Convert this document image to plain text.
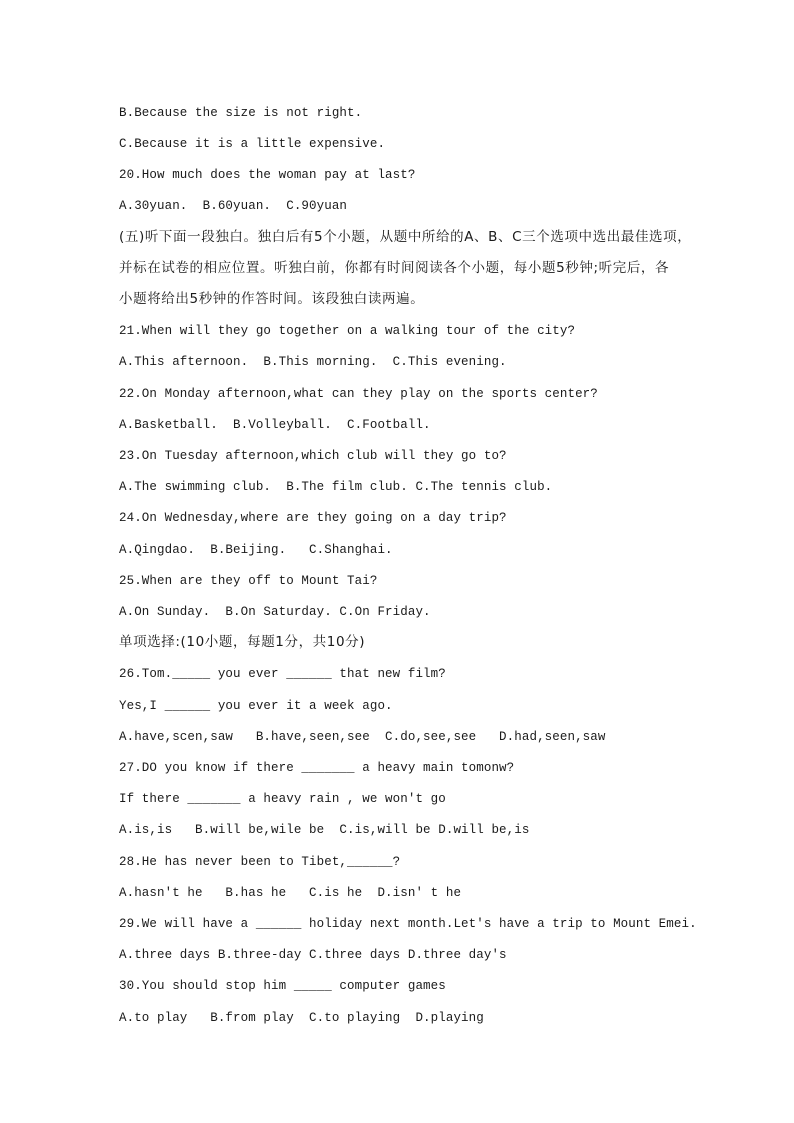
B.Because the size is not right.
C.Because it is a little expensive.
20.How much does the woman pay at last?
A.30yuan.  B.60yuan.  C.90yuan
(五)听下面一段独白。独白后有5个小题，从题中所给的A、B、C三个选项中选出最佳选项，
并标在试卷的相应位置。听独白前，你都有时间阅读各个小题，每小题5秒钟;听完后，各
小题将给出5秒钟的作答时间。该段独白读两遍。
21.When will they go together on a walking tour of the city?
A.This afternoon.  B.This morning.  C.This evening.
22.On Monday afternoon,what can they play on the sports center?
A.Basketball.  B.Volleyball.  C.Football.
23.On Tuesday afternoon,which club will they go to?
A.The swimming club.  B.The film club. C.The tennis club.
24.On Wednesday,where are they going on a day trip?
A.Qingdao.  B.Beijing.   C.Shanghai.
25.When are they off to Mount Tai?
A.On Sunday.  B.On Saturday. C.On Friday.
单项选择:(10小题，每题1分，共10分)
26.Tom._____ you ever ______ that new film?
Yes,I ______ you ever it a week ago.
A.have,scen,saw   B.have,seen,see  C.do,see,see   D.had,seen,saw
27.DO you know if there _______ a heavy main tomonw?
If there _______ a heavy rain , we won't go
A.is,is   B.will be,wile be  C.is,will be D.will be,is
28.He has never been to Tibet,______?
A.hasn't he   B.has he   C.is he  D.isn' t he
29.We will have a ______ holiday next month.Let's have a trip to Mount Emei.
A.three days B.three-day C.three days D.three day's
30.You should stop him _____ computer games
A.to play   B.from play  C.to playing  D.playing
